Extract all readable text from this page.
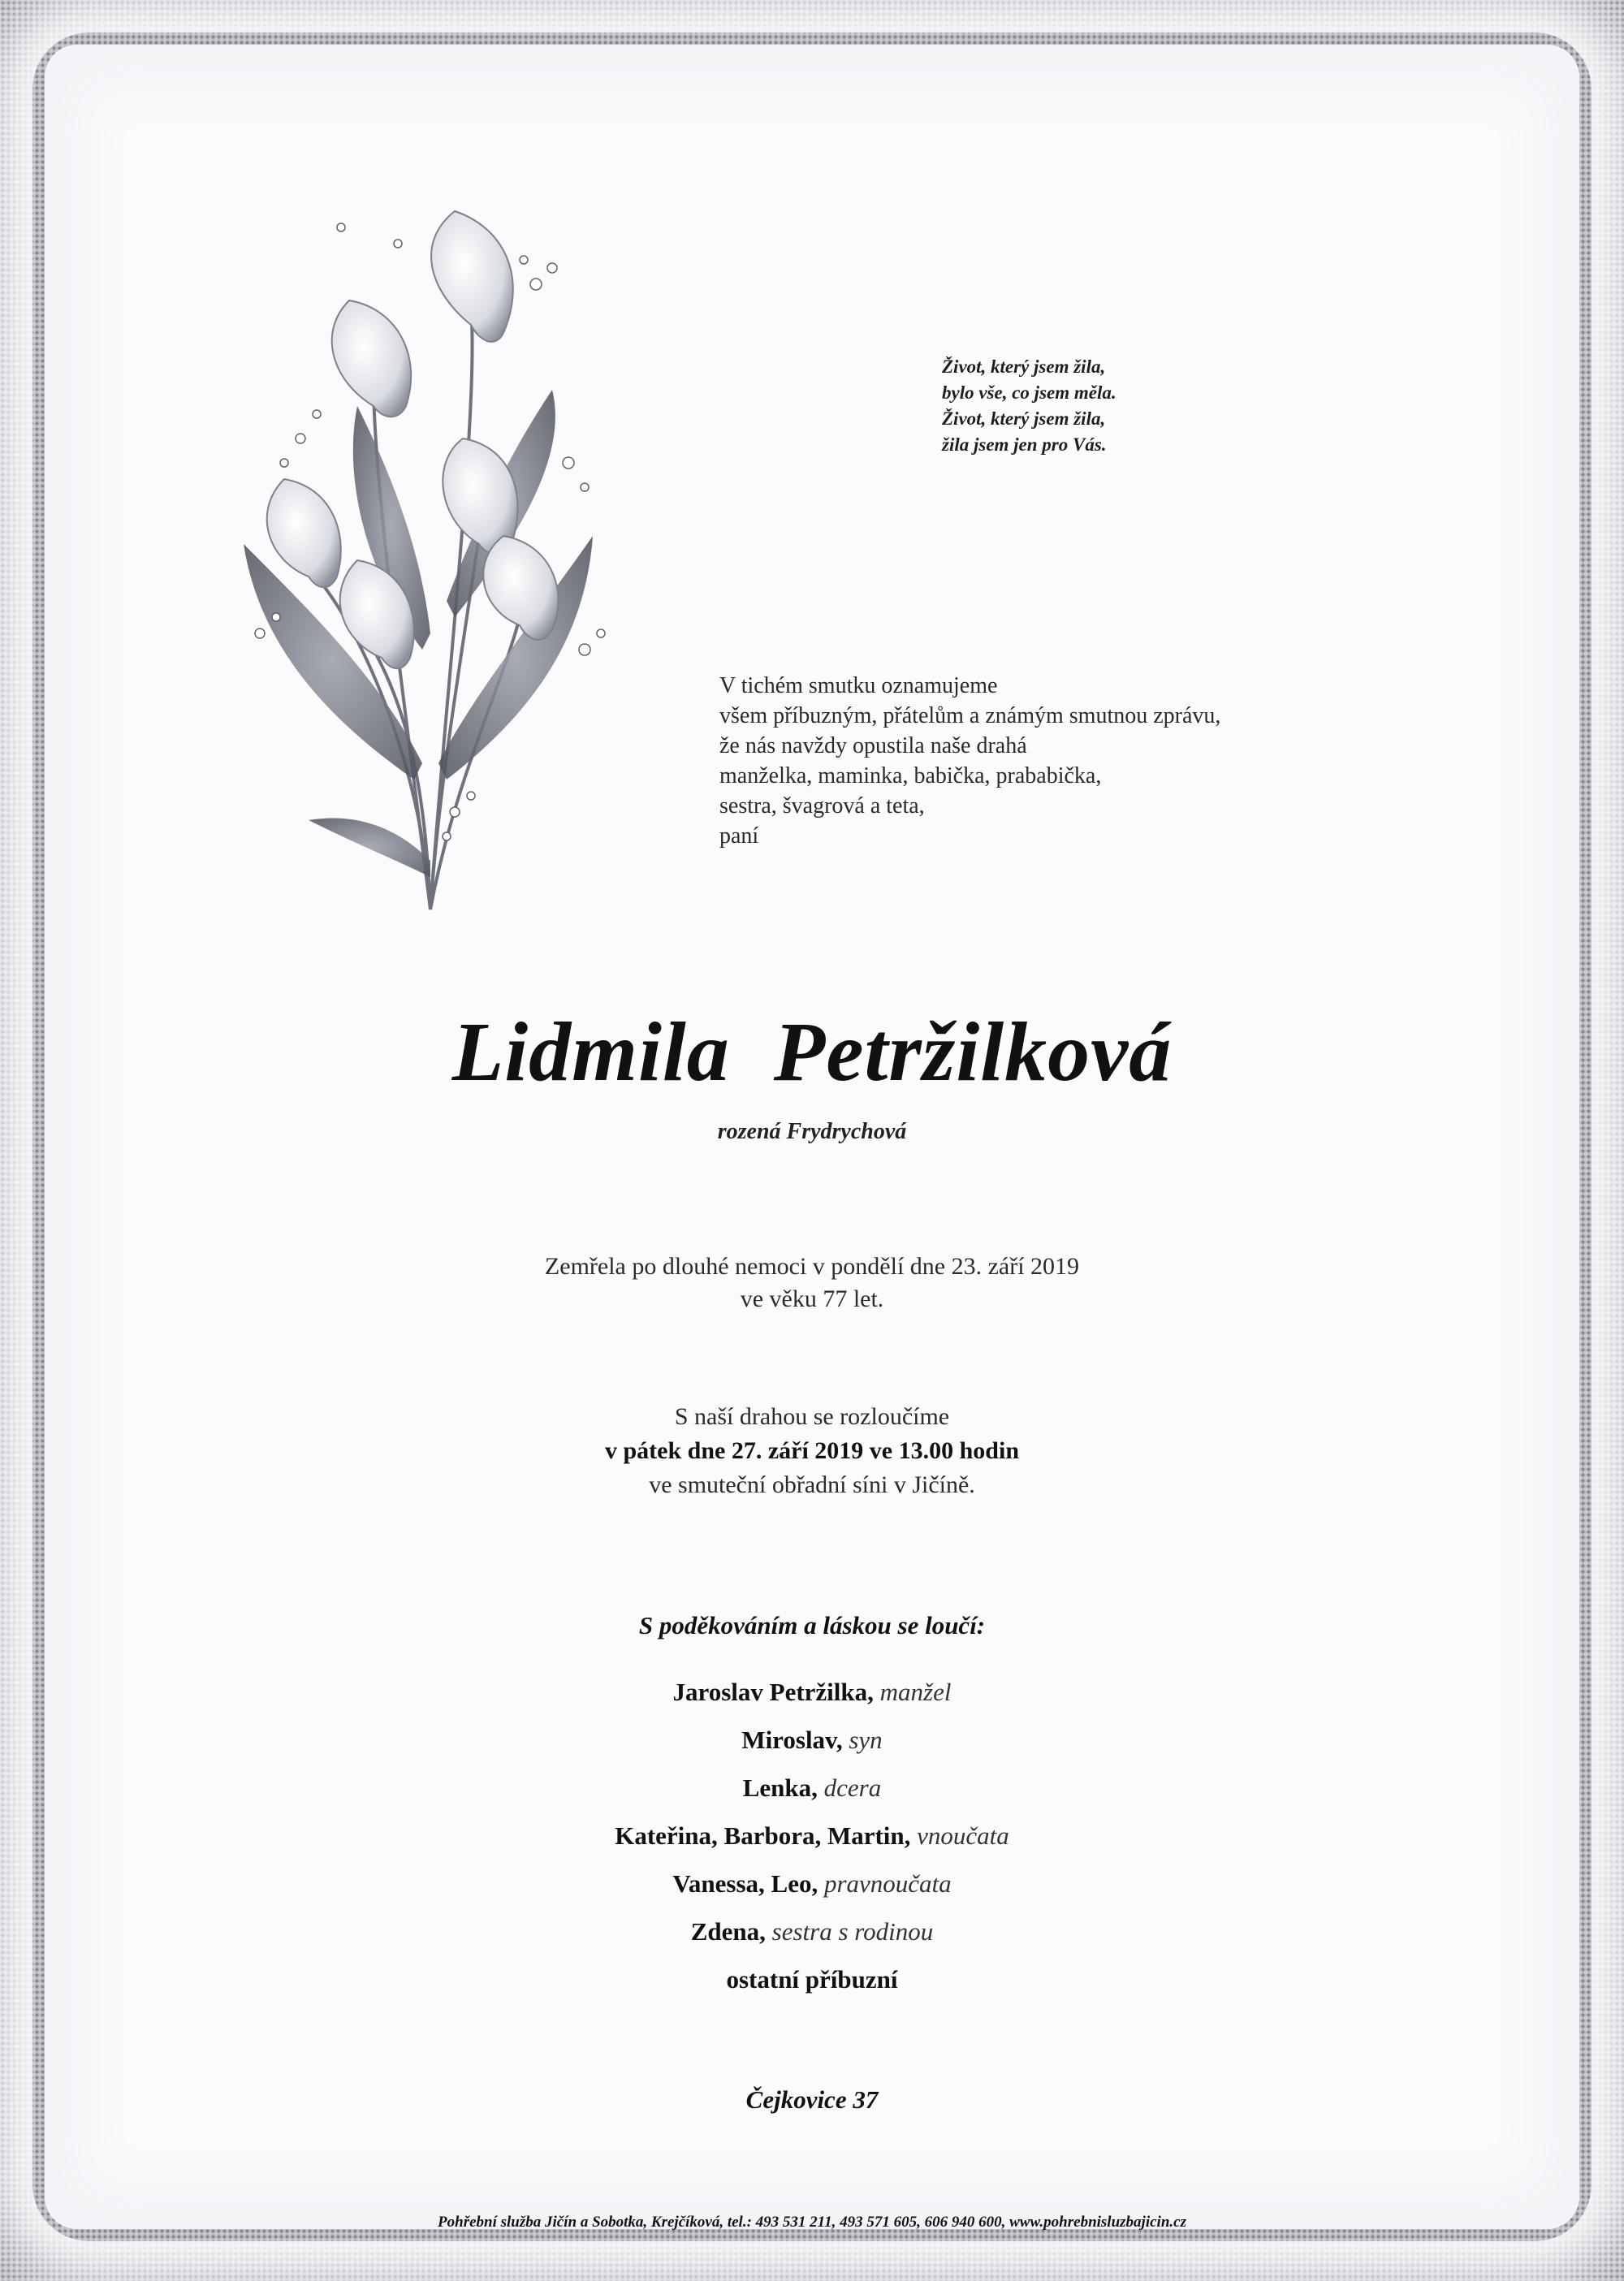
Život, který jsem žila,
bylo vše, co jsem měla.
Život, který jsem žila,
žila jsem jen pro Vás.
V tichém smutku oznamujeme
všem příbuzným, přátelům a známým smutnou zprávu,
že nás navždy opustila naše drahá
manželka, maminka, babička, prababička,
sestra, švagrová a teta,
paní
Lidmila  Petržilková
rozená Frydrychová
Zemřela po dlouhé nemoci v pondělí dne 23. září 2019
ve věku 77 let.
S naší drahou se rozloučíme
v pátek dne 27. září 2019 ve 13.00 hodin
ve smuteční obřadní síni v Jičíně.
S poděkováním a láskou se loučí:
Jaroslav Petržilka, manžel
Miroslav, syn
Lenka, dcera
Kateřina, Barbora, Martin, vnoučata
Vanessa, Leo, pravnoučata
Zdena, sestra s rodinou
ostatní příbuzní
Čejkovice 37
Pohřební služba Jičín a Sobotka, Krejčíková, tel.: 493 531 211, 493 571 605, 606 940 600, www.pohrebnisluzbajicin.cz
